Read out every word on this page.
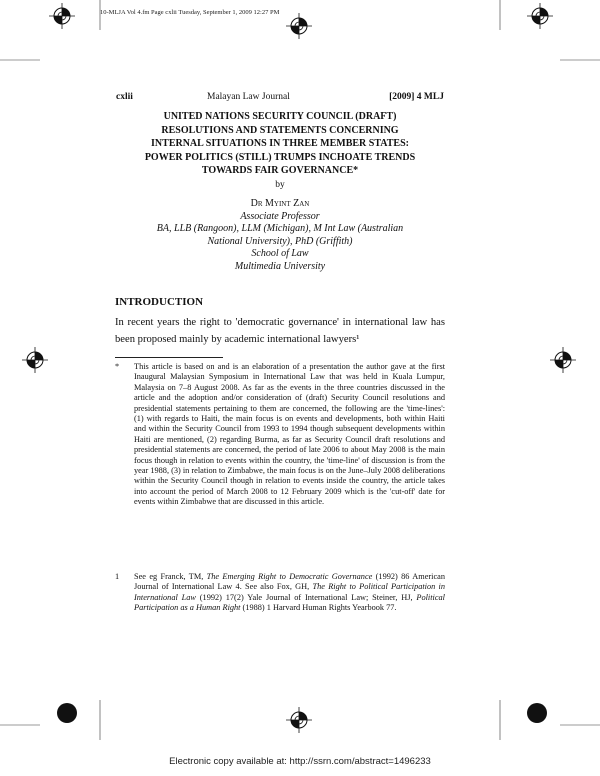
10-MLJA Vol 4.fm Page cxlii Tuesday, September 1, 2009 12:27 PM
cxlii	Malayan Law Journal	[2009] 4 MLJ
UNITED NATIONS SECURITY COUNCIL (DRAFT)
RESOLUTIONS AND STATEMENTS CONCERNING
INTERNAL SITUATIONS IN THREE MEMBER STATES:
POWER POLITICS (STILL) TRUMPS INCHOATE TRENDS
TOWARDS FAIR GOVERNANCE*
by
Dr Myint Zan
Associate Professor
BA, LLB (Rangoon), LLM (Michigan), M Int Law (Australian
National University), PhD (Griffith)
School of Law
Multimedia University
INTRODUCTION
In recent years the right to 'democratic governance' in international law has been proposed mainly by academic international lawyers¹
* This article is based on and is an elaboration of a presentation the author gave at the first Inaugural Malaysian Symposium in International Law that was held in Kuala Lumpur, Malaysia on 7–8 August 2008. As far as the events in the three countries discussed in the article and the adoption and/or consideration of (draft) Security Council resolutions and presidential statements pertaining to them are concerned, the following are the 'time-lines': (1) with regards to Haiti, the main focus is on events and developments, both within Haiti and within the Security Council from 1993 to 1994 though subsequent developments within Haiti are mentioned, (2) regarding Burma, as far as Security Council draft resolutions and presidential statements are concerned, the period of late 2006 to about May 2008 is the main focus though in relation to events within the country, the 'time-line' of discussion is from the year 1988, (3) in relation to Zimbabwe, the main focus is on the June–July 2008 deliberations within the Security Council though in relation to events inside the country, the article takes into account the period of March 2008 to 12 February 2009 which is the 'cut-off' date for events within Zimbabwe that are discussed in this article.
1 See eg Franck, TM, The Emerging Right to Democratic Governance (1992) 86 American Journal of International Law 4. See also Fox, GH, The Right to Political Participation in International Law (1992) 17(2) Yale Journal of International Law; Steiner, HJ, Political Participation as a Human Right (1988) 1 Harvard Human Rights Yearbook 77.
Electronic copy available at: http://ssrn.com/abstract=1496233
